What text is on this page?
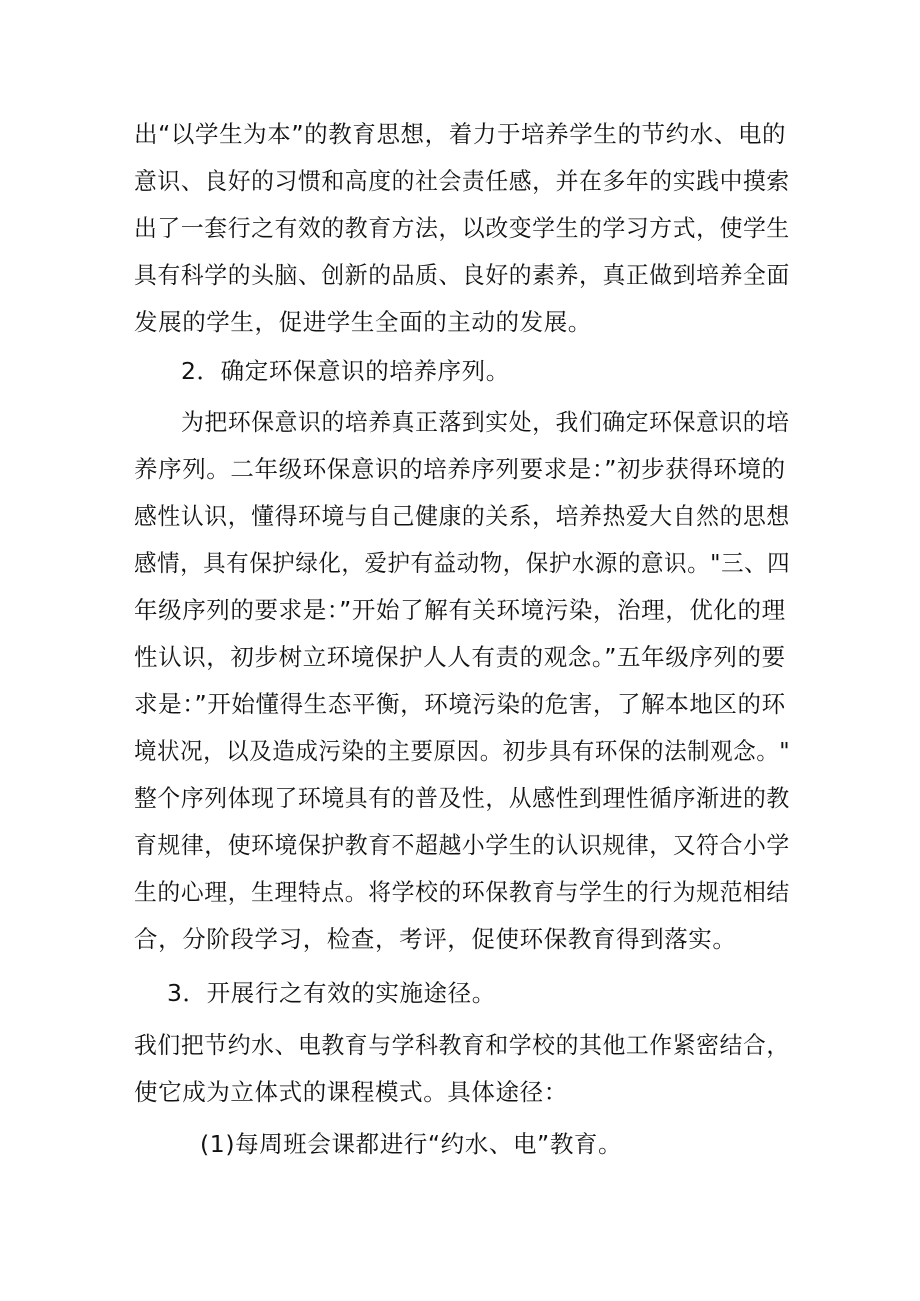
出“以学生为本”的教育思想，着力于培养学生的节约水、电的
意识、良好的习惯和高度的社会责任感，并在多年的实践中摸索
出了一套行之有效的教育方法，以改变学生的学习方式，使学生
具有科学的头脑、创新的品质、良好的素养，真正做到培养全面
发展的学生，促进学生全面的主动的发展。
2．确定环保意识的培养序列。
为把环保意识的培养真正落到实处，我们确定环保意识的培
养序列。二年级环保意识的培养序列要求是：”初步获得环境的
感性认识，懂得环境与自己健康的关系，培养热爱大自然的思想
感情，具有保护绿化，爱护有益动物，保护水源的意识。"三、四
年级序列的要求是：”开始了解有关环境污染，治理，优化的理
性认识，初步树立环境保护人人有责的观念。”五年级序列的要
求是：”开始懂得生态平衡，环境污染的危害，了解本地区的环
境状况，以及造成污染的主要原因。初步具有环保的法制观念。"
整个序列体现了环境具有的普及性，从感性到理性循序渐进的教
育规律，使环境保护教育不超越小学生的认识规律，又符合小学
生的心理，生理特点。将学校的环保教育与学生的行为规范相结
合，分阶段学习，检查，考评，促使环保教育得到落实。
3．开展行之有效的实施途径。
我们把节约水、电教育与学科教育和学校的其他工作紧密结合，
使它成为立体式的课程模式。具体途径：
(1)每周班会课都进行“约水、电”教育。
